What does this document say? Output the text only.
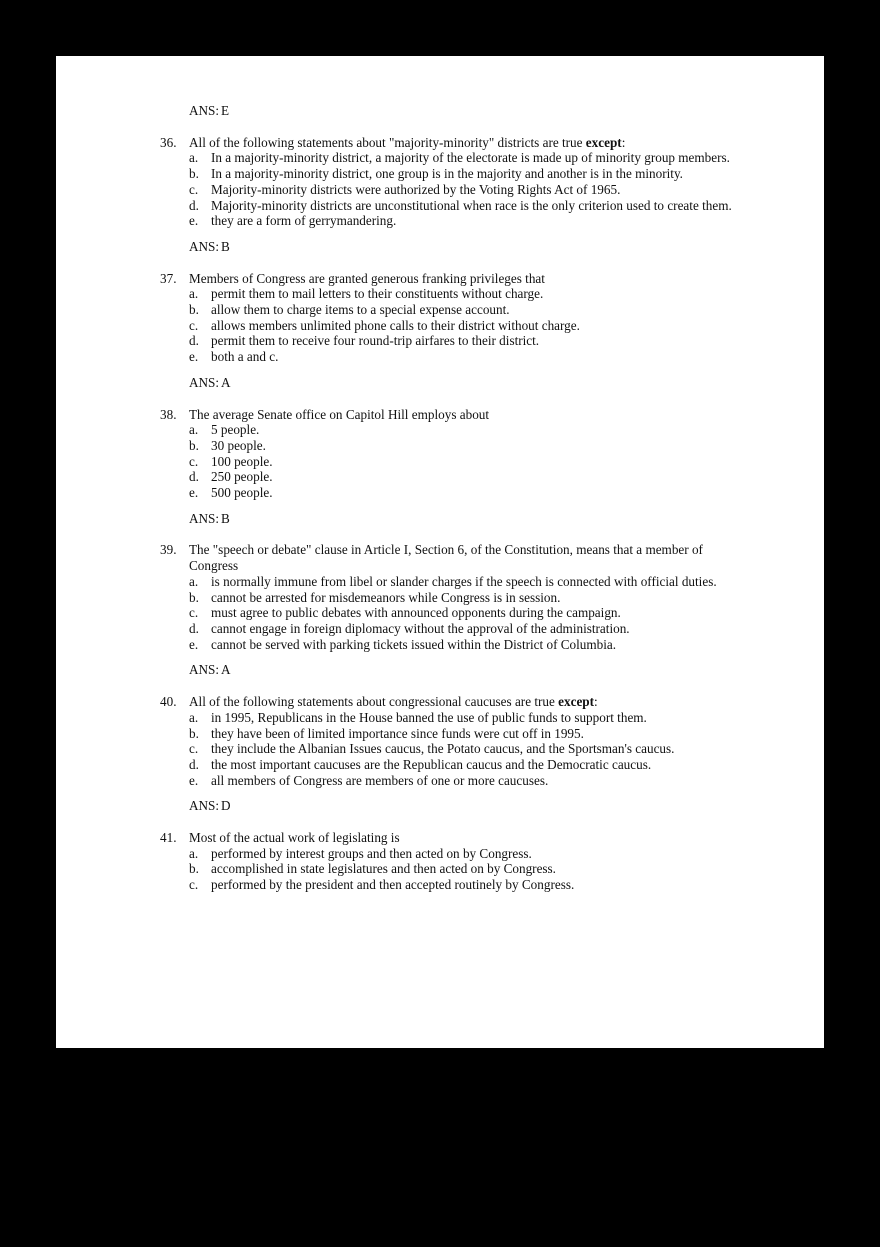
ANS: E

36. All of the following statements about "majority-minority" districts are true except:
a. In a majority-minority district, a majority of the electorate is made up of minority group members.
b. In a majority-minority district, one group is in the majority and another is in the minority.
c. Majority-minority districts were authorized by the Voting Rights Act of 1965.
d. Majority-minority districts are unconstitutional when race is the only criterion used to create them.
e. they are a form of gerrymandering.

ANS: B

37. Members of Congress are granted generous franking privileges that
a. permit them to mail letters to their constituents without charge.
b. allow them to charge items to a special expense account.
c. allows members unlimited phone calls to their district without charge.
d. permit them to receive four round-trip airfares to their district.
e. both a and c.

ANS: A

38. The average Senate office on Capitol Hill employs about
a. 5 people.
b. 30 people.
c. 100 people.
d. 250 people.
e. 500 people.

ANS: B

39. The "speech or debate" clause in Article I, Section 6, of the Constitution, means that a member of Congress
a. is normally immune from libel or slander charges if the speech is connected with official duties.
b. cannot be arrested for misdemeanors while Congress is in session.
c. must agree to public debates with announced opponents during the campaign.
d. cannot engage in foreign diplomacy without the approval of the administration.
e. cannot be served with parking tickets issued within the District of Columbia.

ANS: A

40. All of the following statements about congressional caucuses are true except:
a. in 1995, Republicans in the House banned the use of public funds to support them.
b. they have been of limited importance since funds were cut off in 1995.
c. they include the Albanian Issues caucus, the Potato caucus, and the Sportsman's caucus.
d. the most important caucuses are the Republican caucus and the Democratic caucus.
e. all members of Congress are members of one or more caucuses.

ANS: D

41. Most of the actual work of legislating is
a. performed by interest groups and then acted on by Congress.
b. accomplished in state legislatures and then acted on by Congress.
c. performed by the president and then accepted routinely by Congress.
